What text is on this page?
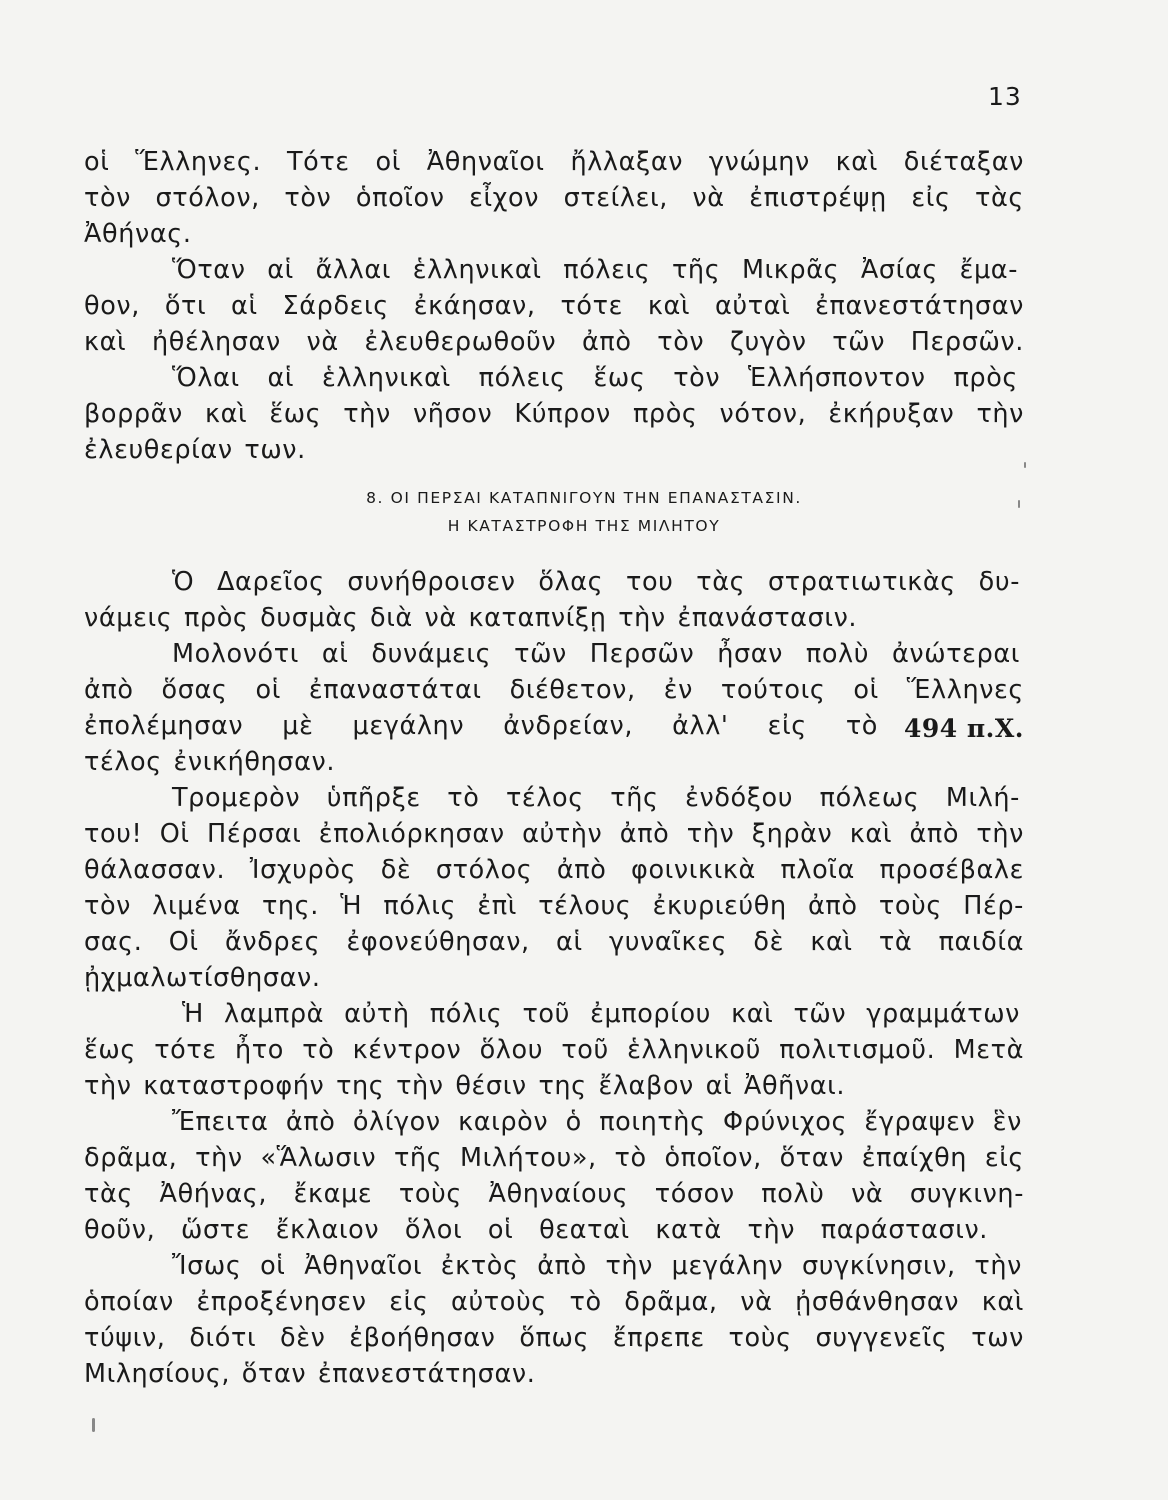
13
οἱ Ἕλληνες. Τότε οἱ Ἀθηναῖοι ἤλλαξαν γνώμην καὶ διέταξαν
τὸν στόλον, τὸν ὁποῖον εἶχον στείλει, νὰ ἐπιστρέψῃ εἰς τὰς
Ἀθήνας.
Ὅταν αἱ ἄλλαι ἑλληνικαὶ πόλεις τῆς Μικρᾶς Ἀσίας ἔμα-
θον, ὅτι αἱ Σάρδεις ἐκάησαν, τότε καὶ αὐταὶ ἐπανεστάτησαν
καὶ ἠθέλησαν νὰ ἐλευθερωθοῦν ἀπὸ τὸν ζυγὸν τῶν Περσῶν.
Ὅλαι αἱ ἑλληνικαὶ πόλεις ἕως τὸν Ἑλλήσποντον πρὸς
βορρᾶν καὶ ἕως τὴν νῆσον Κύπρον πρὸς νότον, ἐκήρυξαν τὴν
ἐλευθερίαν των.
8. ΟΙ ΠΕΡΣΑΙ ΚΑΤΑΠΝΙΓΟΥΝ ΤΗΝ ΕΠΑΝΑΣΤΑΣΙΝ.
Η ΚΑΤΑΣΤΡΟΦΗ ΤΗΣ ΜΙΛΗΤΟΥ
Ὁ Δαρεῖος συνήθροισεν ὅλας του τὰς στρατιωτικὰς δυ-
νάμεις πρὸς δυσμὰς διὰ νὰ καταπνίξῃ τὴν ἐπανάστασιν.
Μολονότι αἱ δυνάμεις τῶν Περσῶν ἦσαν πολὺ ἀνώτεραι
ἀπὸ ὅσας οἱ ἐπαναστάται διέθετον, ἐν τούτοις οἱ Ἕλληνες
ἐπολέμησαν μὲ μεγάλην ἀνδρείαν, ἀλλ' εἰς τὸ
τέλος ἐνικήθησαν.
494 π.Χ.
Τρομερὸν ὑπῆρξε τὸ τέλος τῆς ἐνδόξου πόλεως Μιλή-
του! Οἱ Πέρσαι ἐπολιόρκησαν αὐτὴν ἀπὸ τὴν ξηρὰν καὶ ἀπὸ τὴν
θάλασσαν. Ἰσχυρὸς δὲ στόλος ἀπὸ φοινικικὰ πλοῖα προσέβαλε
τὸν λιμένα της. Ἡ πόλις ἐπὶ τέλους ἐκυριεύθη ἀπὸ τοὺς Πέρ-
σας. Οἱ ἄνδρες ἐφονεύθησαν, αἱ γυναῖκες δὲ καὶ τὰ παιδία
ᾐχμαλωτίσθησαν.
Ἡ λαμπρὰ αὐτὴ πόλις τοῦ ἐμπορίου καὶ τῶν γραμμάτων
ἕως τότε ἦτο τὸ κέντρον ὅλου τοῦ ἑλληνικοῦ πολιτισμοῦ. Μετὰ
τὴν καταστροφήν της τὴν θέσιν της ἔλαβον αἱ Ἀθῆναι.
Ἔπειτα ἀπὸ ὀλίγον καιρὸν ὁ ποιητὴς Φρύνιχος ἔγραψεν ἓν
δρᾶμα, τὴν «Ἅλωσιν τῆς Μιλήτου», τὸ ὁποῖον, ὅταν ἐπαίχθη εἰς
τὰς Ἀθήνας, ἔκαμε τοὺς Ἀθηναίους τόσον πολὺ νὰ συγκινη-
θοῦν, ὥστε ἔκλαιον ὅλοι οἱ θεαταὶ κατὰ τὴν παράστασιν.
Ἴσως οἱ Ἀθηναῖοι ἐκτὸς ἀπὸ τὴν μεγάλην συγκίνησιν, τὴν
ὁποίαν ἐπροξένησεν εἰς αὐτοὺς τὸ δρᾶμα, νὰ ᾐσθάνθησαν καὶ
τύψιν, διότι δὲν ἐβοήθησαν ὅπως ἔπρεπε τοὺς συγγενεῖς των
Μιλησίους, ὅταν ἐπανεστάτησαν.
